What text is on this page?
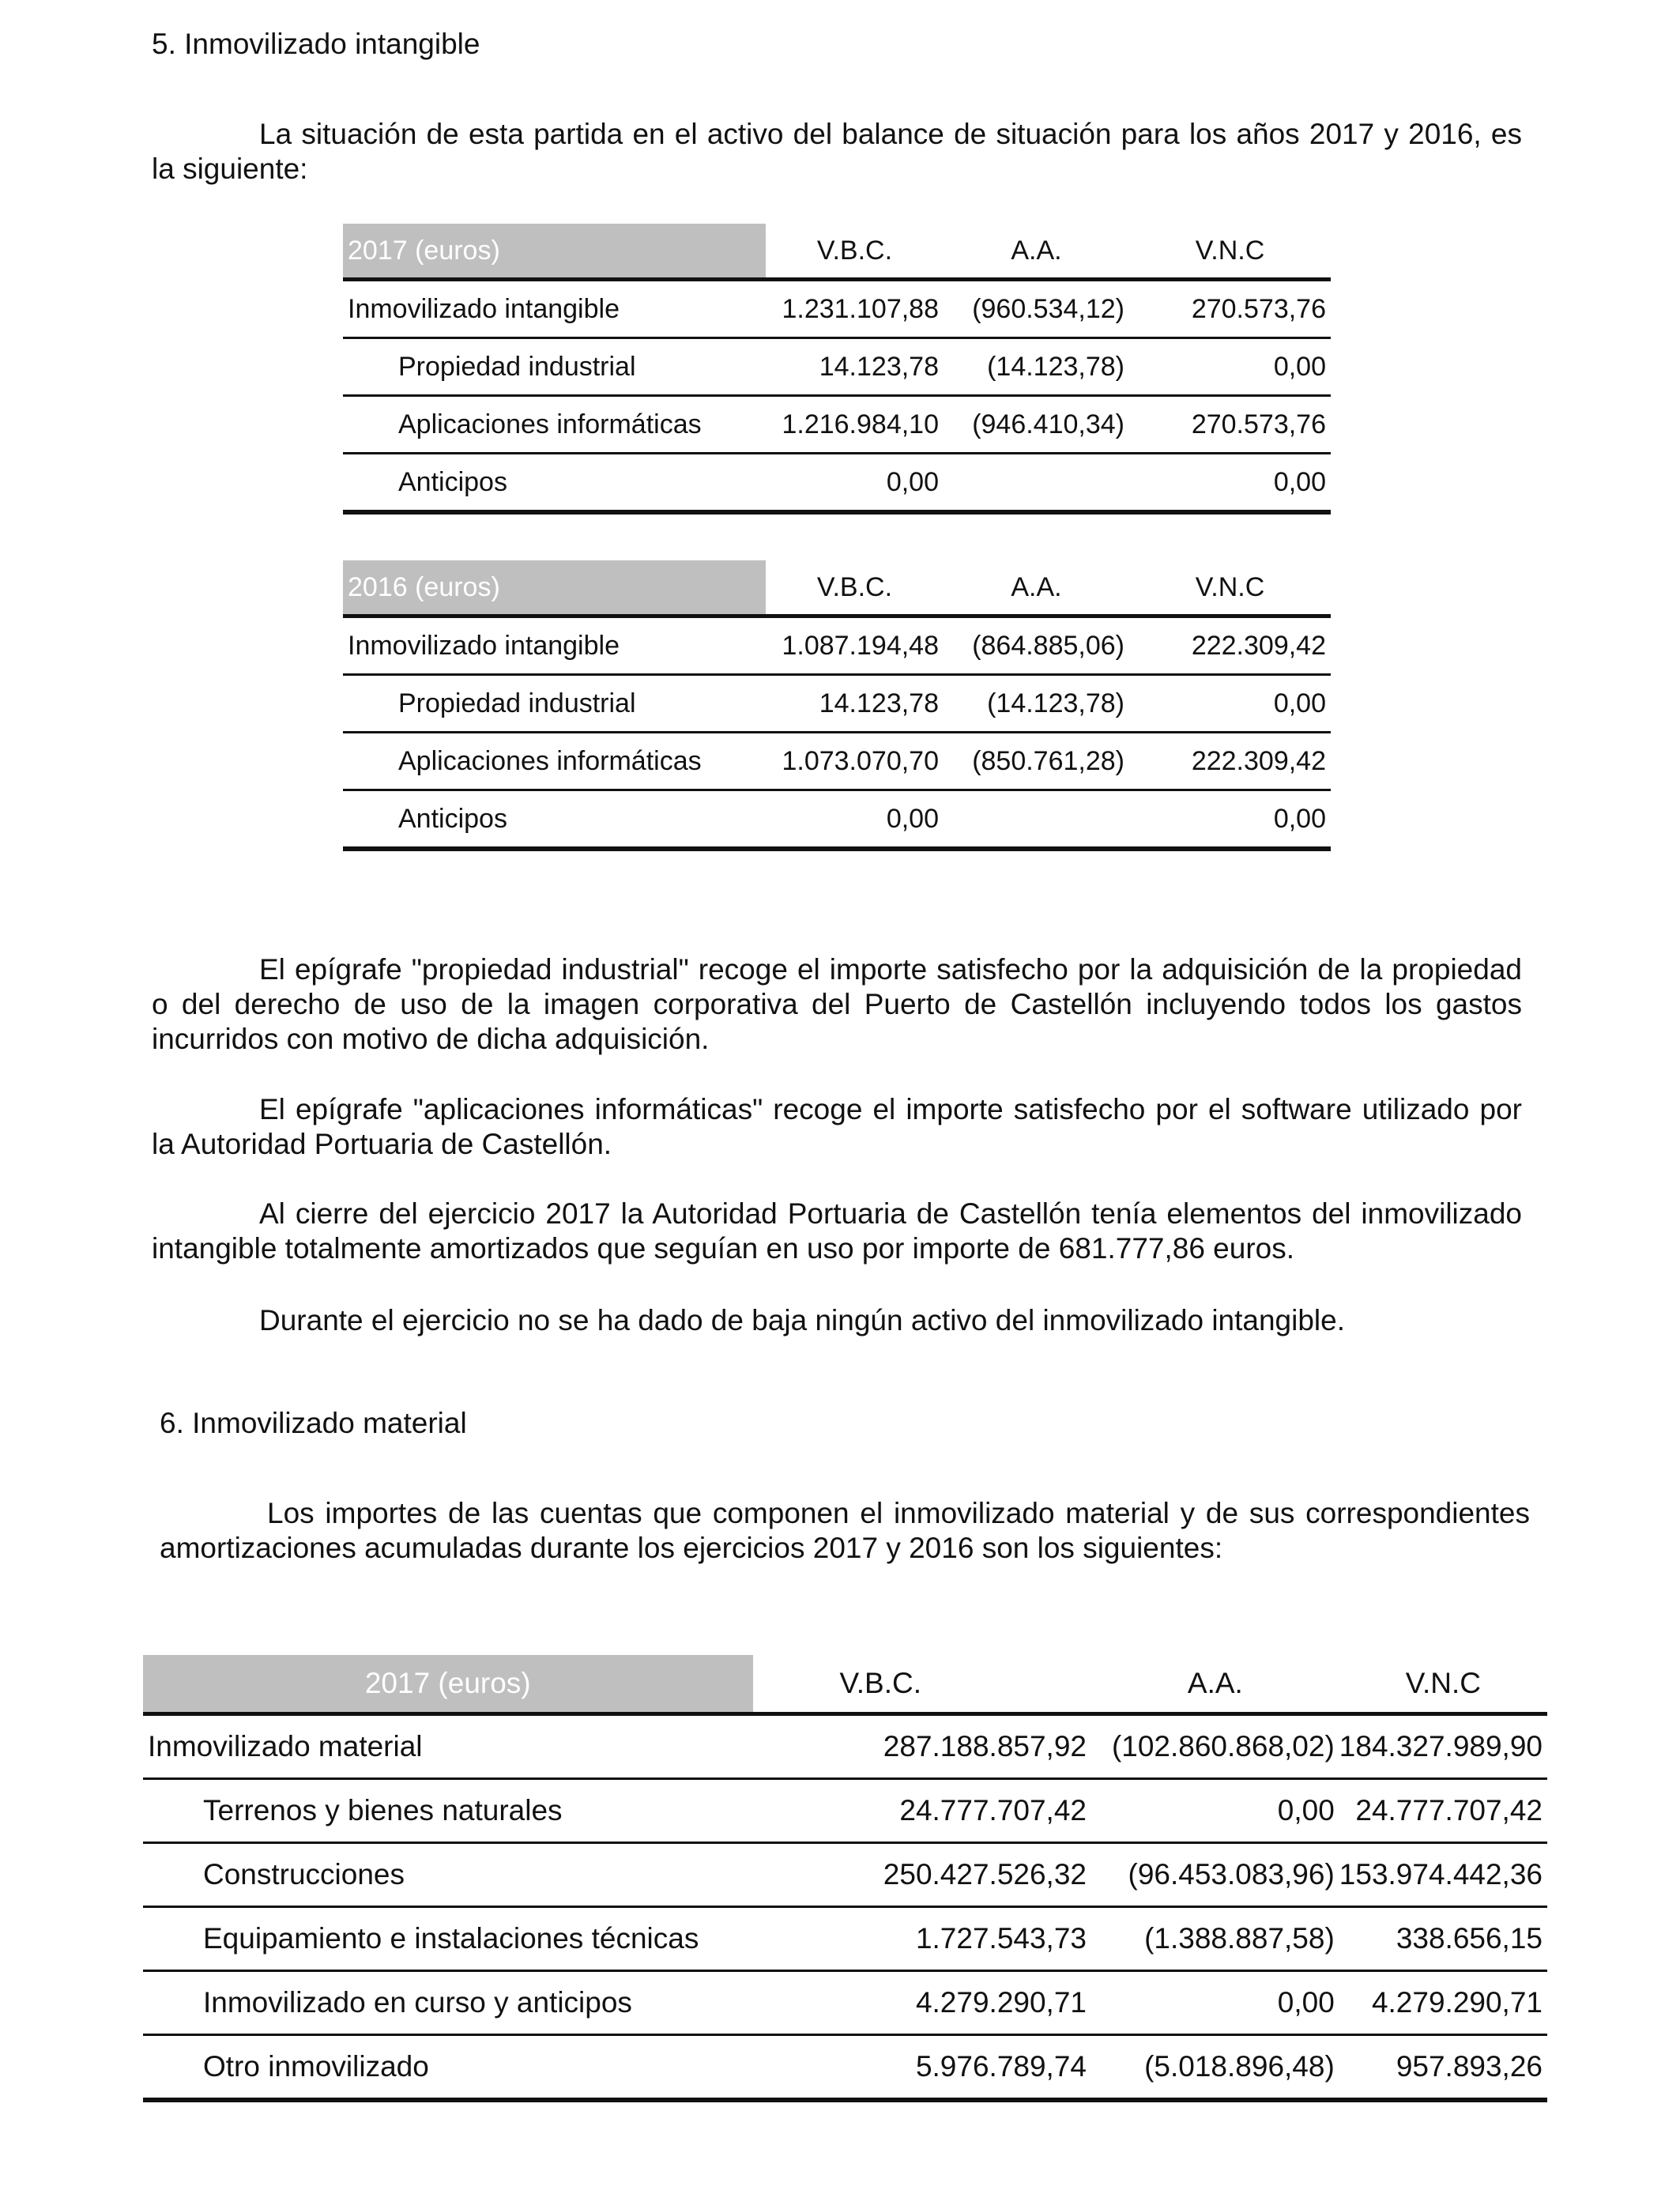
5. Inmovilizado intangible
La situación de esta partida en el activo del balance de situación para los años 2017 y 2016, es la siguiente:
2017 (euros)	V.B.C.	A.A.	V.N.C
Inmovilizado intangible	1.231.107,88	(960.534,12)	270.573,76
Propiedad industrial	14.123,78	(14.123,78)	0,00
Aplicaciones informáticas	1.216.984,10	(946.410,34)	270.573,76
Anticipos	0,00		0,00
2016 (euros)	V.B.C.	A.A.	V.N.C
Inmovilizado intangible	1.087.194,48	(864.885,06)	222.309,42
Propiedad industrial	14.123,78	(14.123,78)	0,00
Aplicaciones informáticas	1.073.070,70	(850.761,28)	222.309,42
Anticipos	0,00		0,00
El epígrafe "propiedad industrial" recoge el importe satisfecho por la adquisición de la propiedad o del derecho de uso de la imagen corporativa del Puerto de Castellón incluyendo todos los gastos incurridos con motivo de dicha adquisición.
El epígrafe "aplicaciones informáticas" recoge el importe satisfecho por el software utilizado por la Autoridad Portuaria de Castellón.
Al cierre del ejercicio 2017 la Autoridad Portuaria de Castellón tenía elementos del inmovilizado intangible totalmente amortizados que seguían en uso por importe de 681.777,86 euros.
Durante el ejercicio no se ha dado de baja ningún activo del inmovilizado intangible.
6. Inmovilizado material
Los importes de las cuentas que componen el inmovilizado material y de sus correspondientes amortizaciones acumuladas durante los ejercicios 2017 y 2016 son los siguientes:
2017 (euros)	V.B.C.	A.A.	V.N.C
Inmovilizado material	287.188.857,92	(102.860.868,02)	184.327.989,90
Terrenos y bienes naturales	24.777.707,42	0,00	24.777.707,42
Construcciones	250.427.526,32	(96.453.083,96)	153.974.442,36
Equipamiento e instalaciones técnicas	1.727.543,73	(1.388.887,58)	338.656,15
Inmovilizado en curso y anticipos	4.279.290,71	0,00	4.279.290,71
Otro inmovilizado	5.976.789,74	(5.018.896,48)	957.893,26
